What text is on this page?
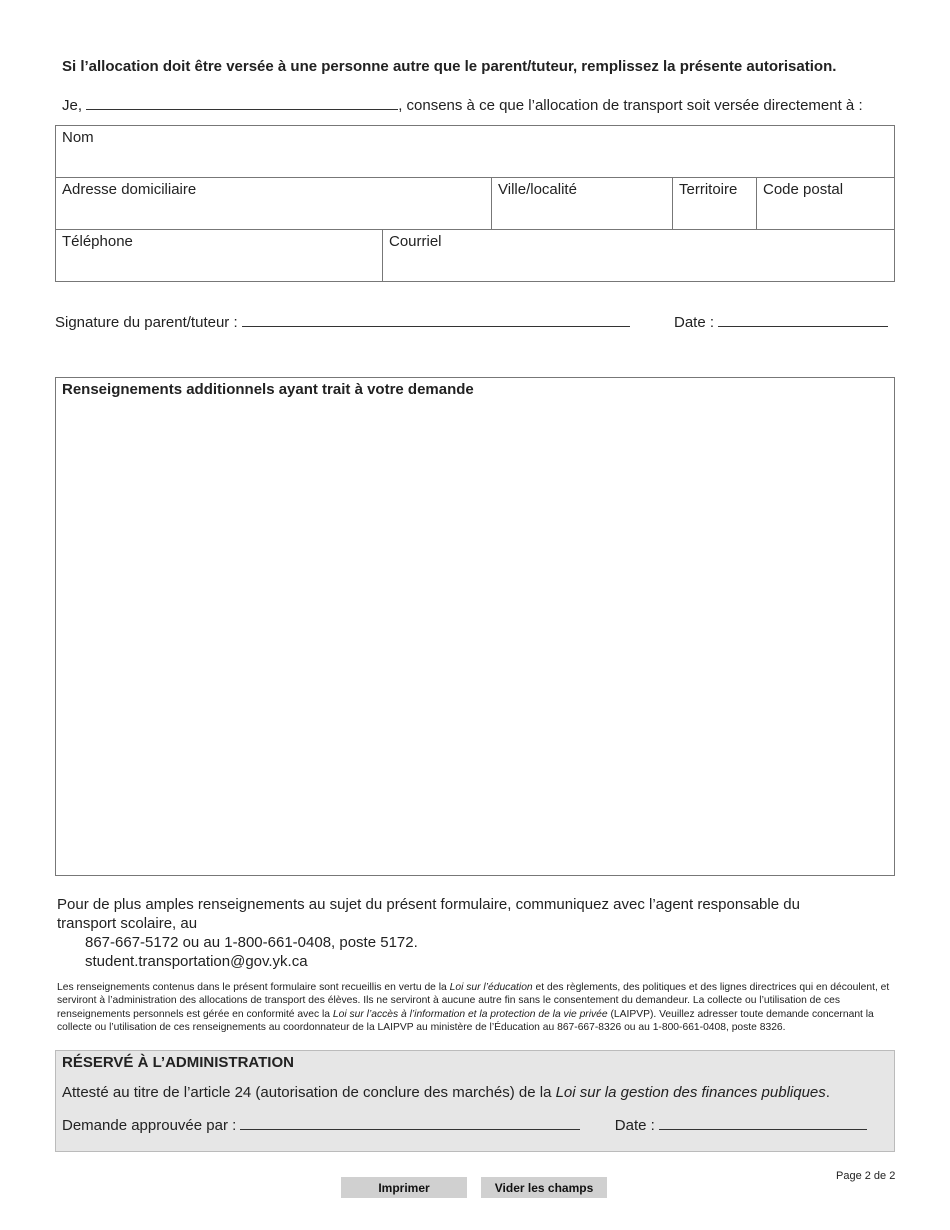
Si l’allocation doit être versée à une personne autre que le parent/tuteur, remplissez la présente autorisation.
Je,	, consens à ce que l’allocation de transport soit versée directement à :
Nom				
Adresse domiciliaire		Ville/localité	Territoire	Code postal
Téléphone	Courriel			
Signature du parent/tuteur :	Date :
Renseignements additionnels ayant trait à votre demande
Pour de plus amples renseignements au sujet du présent formulaire, communiquez avec l’agent responsable du transport scolaire, au
867-667-5172 ou au 1-800-661-0408, poste 5172.
student.transportation@gov.yk.ca
Les renseignements contenus dans le présent formulaire sont recueillis en vertu de la Loi sur l’éducation et des règlements, des politiques et des lignes directrices qui en découlent, et serviront à l’administration des allocations de transport des élèves. Ils ne serviront à aucune autre fin sans le consentement du demandeur. La collecte ou l’utilisation de ces renseignements personnels est gérée en conformité avec la Loi sur l’accès à l’information et la protection de la vie privée (LAIPVP). Veuillez adresser toute demande concernant la collecte ou l’utilisation de ces renseignements au coordonnateur de la LAIPVP au ministère de l’Éducation au 867-667-8326 ou au 1-800-661-0408, poste 8326.
RÉSERVÉ À L’ADMINISTRATION
Attesté au titre de l’article 24 (autorisation de conclure des marchés) de la Loi sur la gestion des finances publiques.
Demande approuvée par :	Date :
Imprimer	Vider les champs
Page 2 de 2
